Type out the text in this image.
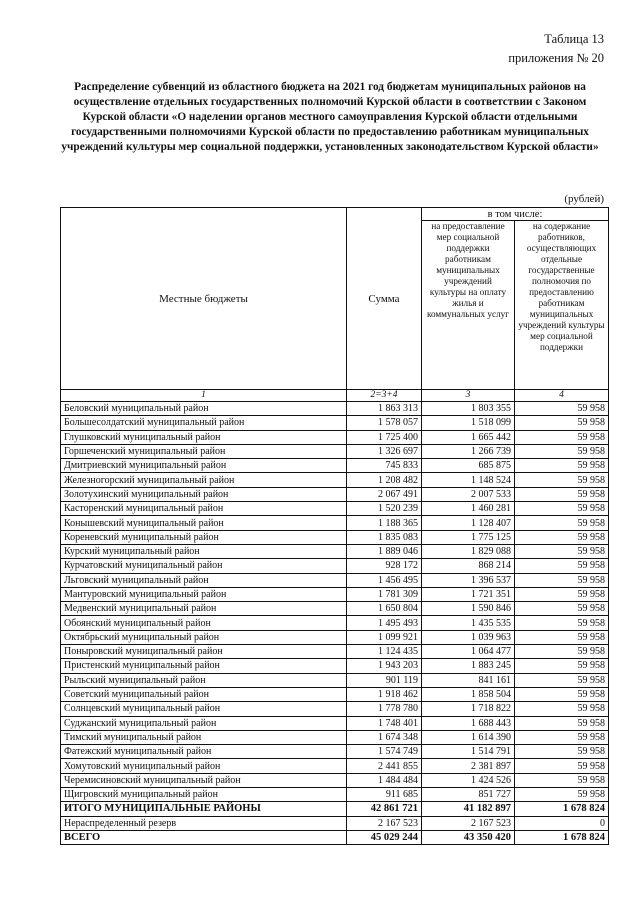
Таблица 13
приложения № 20
Распределение субвенций из областного бюджета на 2021 год бюджетам муниципальных районов на осуществление отдельных государственных полномочий Курской области в соответствии с Законом Курской области «О наделении органов местного самоуправления Курской области отдельными государственными полномочиями Курской области по предоставлению работникам муниципальных учреждений культуры мер социальной поддержки, установленных законодательством Курской области»
(рублей)
Местные бюджеты	Сумма	в том числе:	
		на предоставление мер социальной поддержки работникам муниципальных учреждений культуры на оплату жилья и коммунальных услуг	на содержание работников, осуществляющих отдельные государственные полномочия по предоставлению работникам муниципальных учреждений культуры мер социальной поддержки
1	2=3+4	3	4
Беловский муниципальный район	1 863 313	1 803 355	59 958
Большесолдатский муниципальный район	1 578 057	1 518 099	59 958
Глушковский муниципальный район	1 725 400	1 665 442	59 958
Горшеченский муниципальный район	1 326 697	1 266 739	59 958
Дмитриевский муниципальный район	745 833	685 875	59 958
Железногорский муниципальный район	1 208 482	1 148 524	59 958
Золотухинский муниципальный район	2 067 491	2 007 533	59 958
Касторенский муниципальный район	1 520 239	1 460 281	59 958
Конышевский муниципальный район	1 188 365	1 128 407	59 958
Кореневский муниципальный район	1 835 083	1 775 125	59 958
Курский муниципальный район	1 889 046	1 829 088	59 958
Курчатовский муниципальный район	928 172	868 214	59 958
Льговский муниципальный район	1 456 495	1 396 537	59 958
Мантуровский муниципальный район	1 781 309	1 721 351	59 958
Медвенский муниципальный район	1 650 804	1 590 846	59 958
Обоянский муниципальный район	1 495 493	1 435 535	59 958
Октябрьский муниципальный район	1 099 921	1 039 963	59 958
Поныровский муниципальный район	1 124 435	1 064 477	59 958
Пристенский муниципальный район	1 943 203	1 883 245	59 958
Рыльский муниципальный район	901 119	841 161	59 958
Советский муниципальный район	1 918 462	1 858 504	59 958
Солнцевский муниципальный район	1 778 780	1 718 822	59 958
Суджанский муниципальный район	1 748 401	1 688 443	59 958
Тимский муниципальный район	1 674 348	1 614 390	59 958
Фатежский муниципальный район	1 574 749	1 514 791	59 958
Хомутовский муниципальный район	2 441 855	2 381 897	59 958
Черемисиновский муниципальный район	1 484 484	1 424 526	59 958
Щигровский муниципальный район	911 685	851 727	59 958
ИТОГО МУНИЦИПАЛЬНЫЕ РАЙОНЫ	42 861 721	41 182 897	1 678 824
Нераспределенный резерв	2 167 523	2 167 523	0
ВСЕГО	45 029 244	43 350 420	1 678 824
